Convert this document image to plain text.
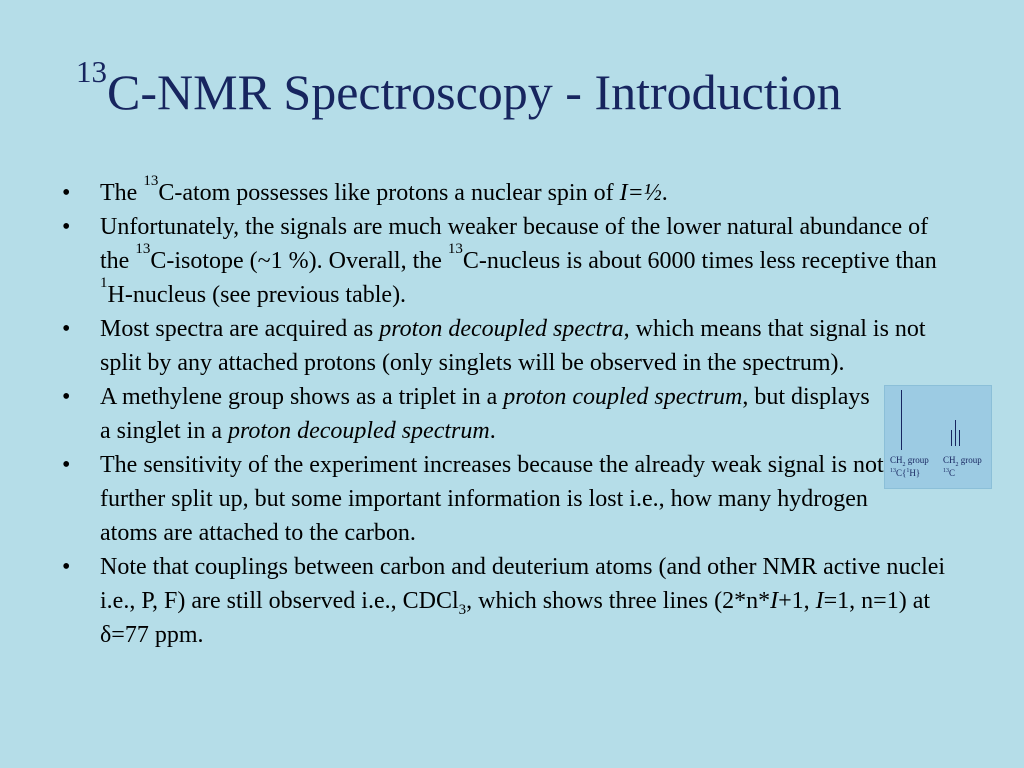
$^{13}$C-NMR Spectroscopy - Introduction
• The $^{13}$C-atom possesses like protons a nuclear spin of I=½.
• Unfortunately, the signals are much weaker because of the lower natural abundance of the $^{13}$C-isotope (~1 %). Overall, the $^{13}$C-nucleus is about 6000 times less receptive than $^1$H-nucleus (see previous table).
• Most spectra are acquired as proton decoupled spectra, which means that signal is not split by any attached protons (only singlets will be observed in the spectrum).
• A methylene group shows as a triplet in a proton coupled spectrum, but displays a singlet in a proton decoupled spectrum.
• The sensitivity of the experiment increases because the already weak signal is not further split up, but some important information is lost i.e., how many hydrogen atoms are attached to the carbon.
• Note that couplings between carbon and deuterium atoms (and other NMR active nuclei i.e., P, F) are still observed i.e., CDCl$_3$, which shows three lines (2*n*I+1, I=1, n=1) at δ=77 ppm.
$CH_2$ group
$^{13}$C{$^1$H}
$CH_2$ group
$^{13}$C
